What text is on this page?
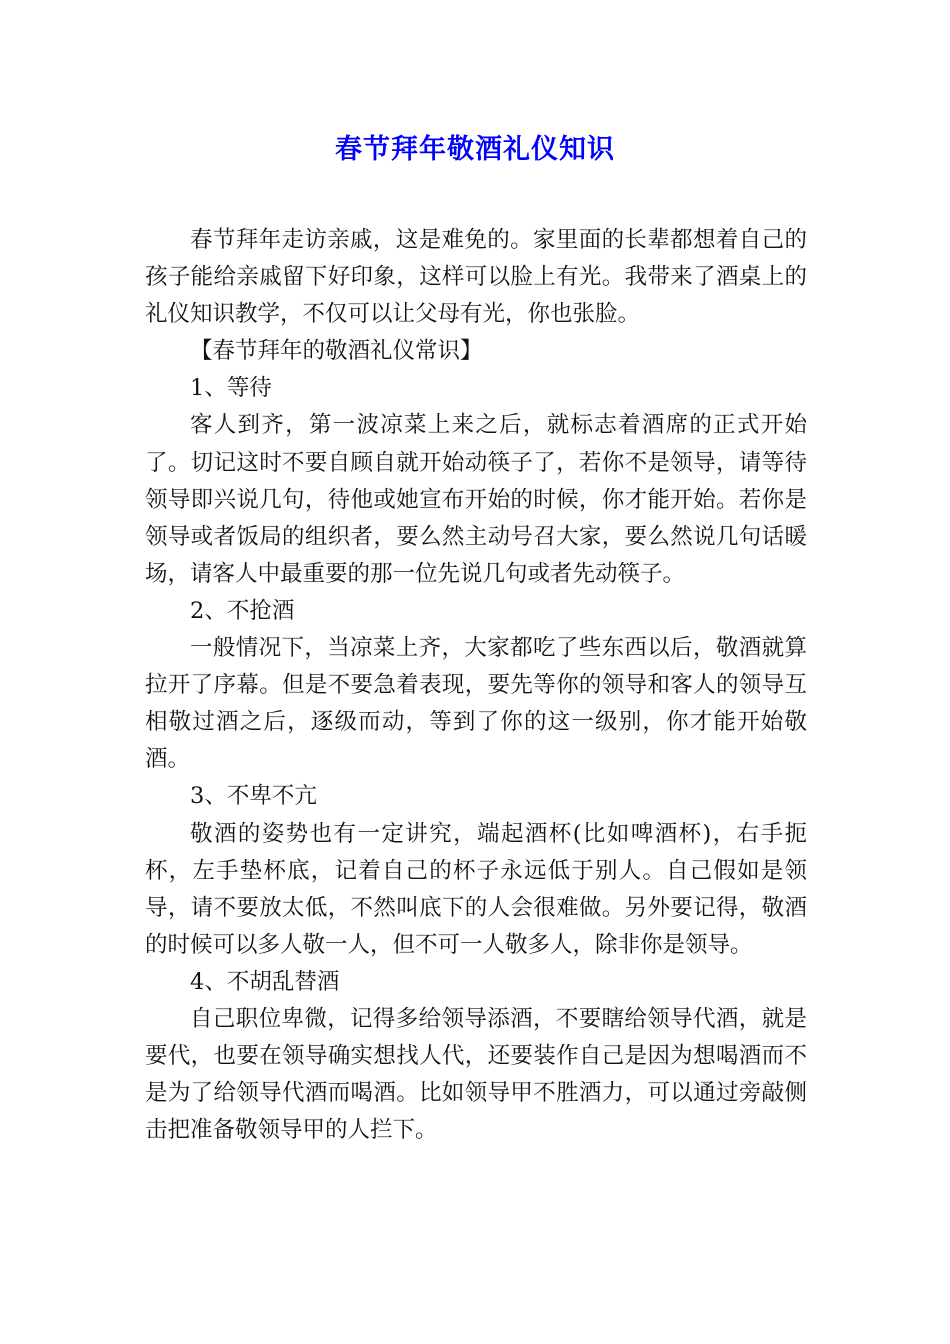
春节拜年敬酒礼仪知识

春节拜年走访亲戚，这是难免的。家里面的长辈都想着自己的孩子能给亲戚留下好印象，这样可以脸上有光。我带来了酒桌上的礼仪知识教学，不仅可以让父母有光，你也张脸。

【春节拜年的敬酒礼仪常识】

1、等待

客人到齐，第一波凉菜上来之后，就标志着酒席的正式开始了。切记这时不要自顾自就开始动筷子了，若你不是领导，请等待领导即兴说几句，待他或她宣布开始的时候，你才能开始。若你是领导或者饭局的组织者，要么然主动号召大家，要么然说几句话暖场，请客人中最重要的那一位先说几句或者先动筷子。

2、不抢酒

一般情况下，当凉菜上齐，大家都吃了些东西以后，敬酒就算拉开了序幕。但是不要急着表现，要先等你的领导和客人的领导互相敬过酒之后，逐级而动，等到了你的这一级别，你才能开始敬酒。

3、不卑不亢

敬酒的姿势也有一定讲究，端起酒杯(比如啤酒杯)，右手扼杯，左手垫杯底，记着自己的杯子永远低于别人。自己假如是领导，请不要放太低，不然叫底下的人会很难做。另外要记得，敬酒的时候可以多人敬一人，但不可一人敬多人，除非你是领导。

4、不胡乱替酒

自己职位卑微，记得多给领导添酒，不要瞎给领导代酒，就是要代，也要在领导确实想找人代，还要装作自己是因为想喝酒而不是为了给领导代酒而喝酒。比如领导甲不胜酒力，可以通过旁敲侧击把准备敬领导甲的人拦下。
